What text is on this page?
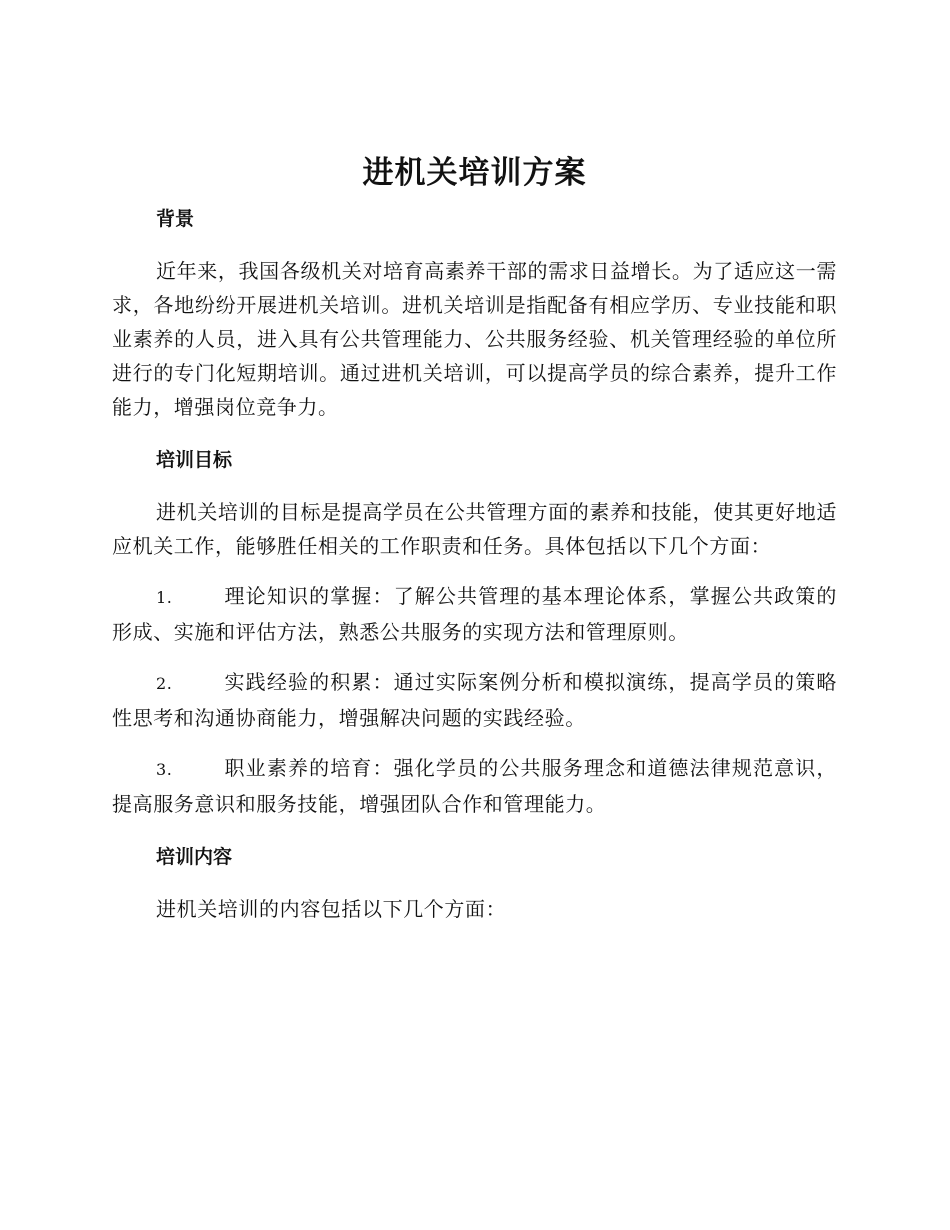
进机关培训方案
背景

近年来，我国各级机关对培育高素养干部的需求日益增长。为了适应这一需求，各地纷纷开展进机关培训。进机关培训是指配备有相应学历、专业技能和职业素养的人员，进入具有公共管理能力、公共服务经验、机关管理经验的单位所进行的专门化短期培训。通过进机关培训，可以提高学员的综合素养，提升工作能力，增强岗位竞争力。

培训目标

进机关培训的目标是提高学员在公共管理方面的素养和技能，使其更好地适应机关工作，能够胜任相关的工作职责和任务。具体包括以下几个方面：

1.	理论知识的掌握：了解公共管理的基本理论体系，掌握公共政策的形成、实施和评估方法，熟悉公共服务的实现方法和管理原则。

2.	实践经验的积累：通过实际案例分析和模拟演练，提高学员的策略性思考和沟通协商能力，增强解决问题的实践经验。

3.	职业素养的培育：强化学员的公共服务理念和道德法律规范意识，提高服务意识和服务技能，增强团队合作和管理能力。

培训内容

进机关培训的内容包括以下几个方面：
